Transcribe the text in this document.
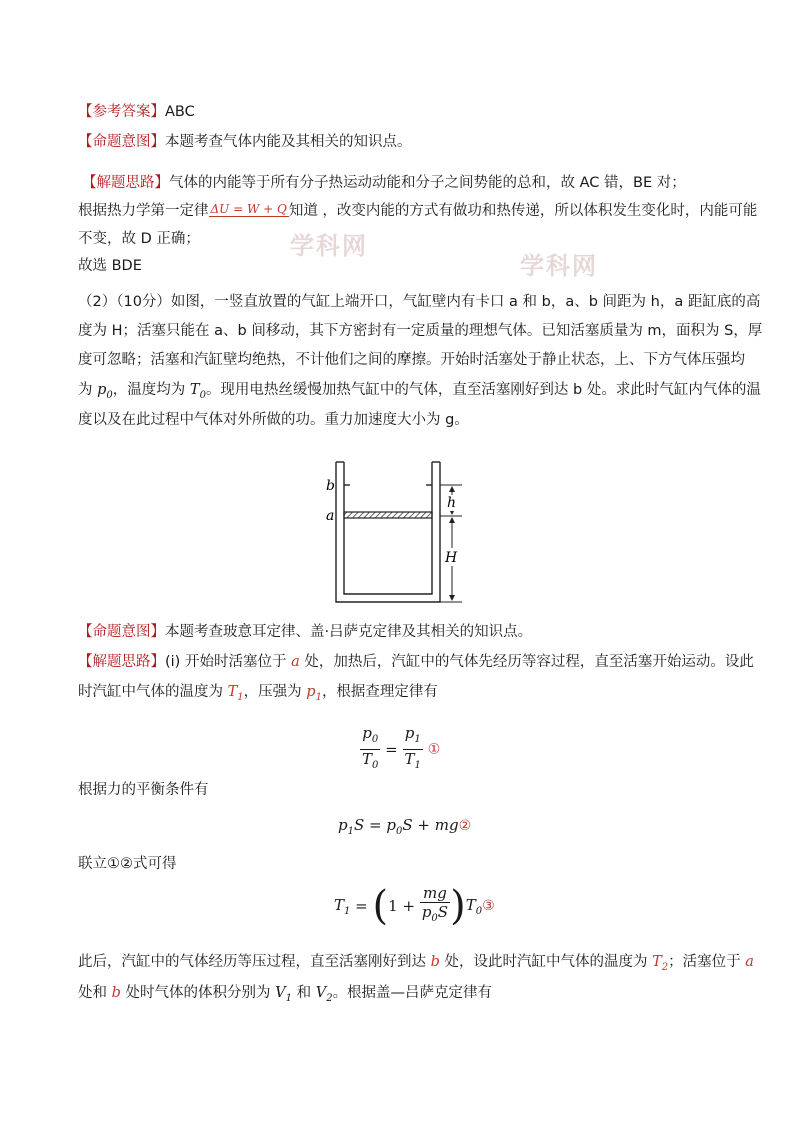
【参考答案】ABC
【命题意图】本题考查气体内能及其相关的知识点。
学科网
学科网
【解题思路】气体的内能等于所有分子热运动动能和分子之间势能的总和，故 AC 错，BE 对；
根据热力学第一定律 ΔU = W + Q 知道 ，改变内能的方式有做功和热传递，所以体积发生变化时，内能可能
不变，故 D 正确；
故选 BDE
（2）（10分）如图，一竖直放置的气缸上端开口，气缸壁内有卡口 a 和 b，a、b 间距为 h，a 距缸底的高
度为 H；活塞只能在 a、b 间移动，其下方密封有一定质量的理想气体。已知活塞质量为 m，面积为 S，厚
度可忽略；活塞和汽缸壁均绝热，不计他们之间的摩擦。开始时活塞处于静止状态，上、下方气体压强均
为 $p_0$，温度均为 $T_0$。现用电热丝缓慢加热气缸中的气体，直至活塞刚好到达 b 处。求此时气缸内气体的温
度以及在此过程中气体对外所做的功。重力加速度大小为 g。
b
a
h
H
【命题意图】本题考查玻意耳定律、盖·吕萨克定律及其相关的知识点。
【解题思路】(i) 开始时活塞位于 a 处，加热后，汽缸中的气体先经历等容过程，直至活塞开始运动。设此
时汽缸中气体的温度为 $T_1$，压强为 $p_1$，根据查理定律有
$\frac{p_0}{T_0} = \frac{p_1}{T_1}$ ①
根据力的平衡条件有
$p_1S = p_0S$ + mg②
联立①②式可得
$T_1 = (1 + \frac{mg}{p_0S}$ )$T_0③$
此后，汽缸中的气体经历等压过程，直至活塞刚好到达 b 处，设此时汽缸中气体的温度为 $T_2$；活塞位于 a
处和 b 处时气体的体积分别为 $V_1$ 和 $V_2$。根据盖—吕萨克定律有
